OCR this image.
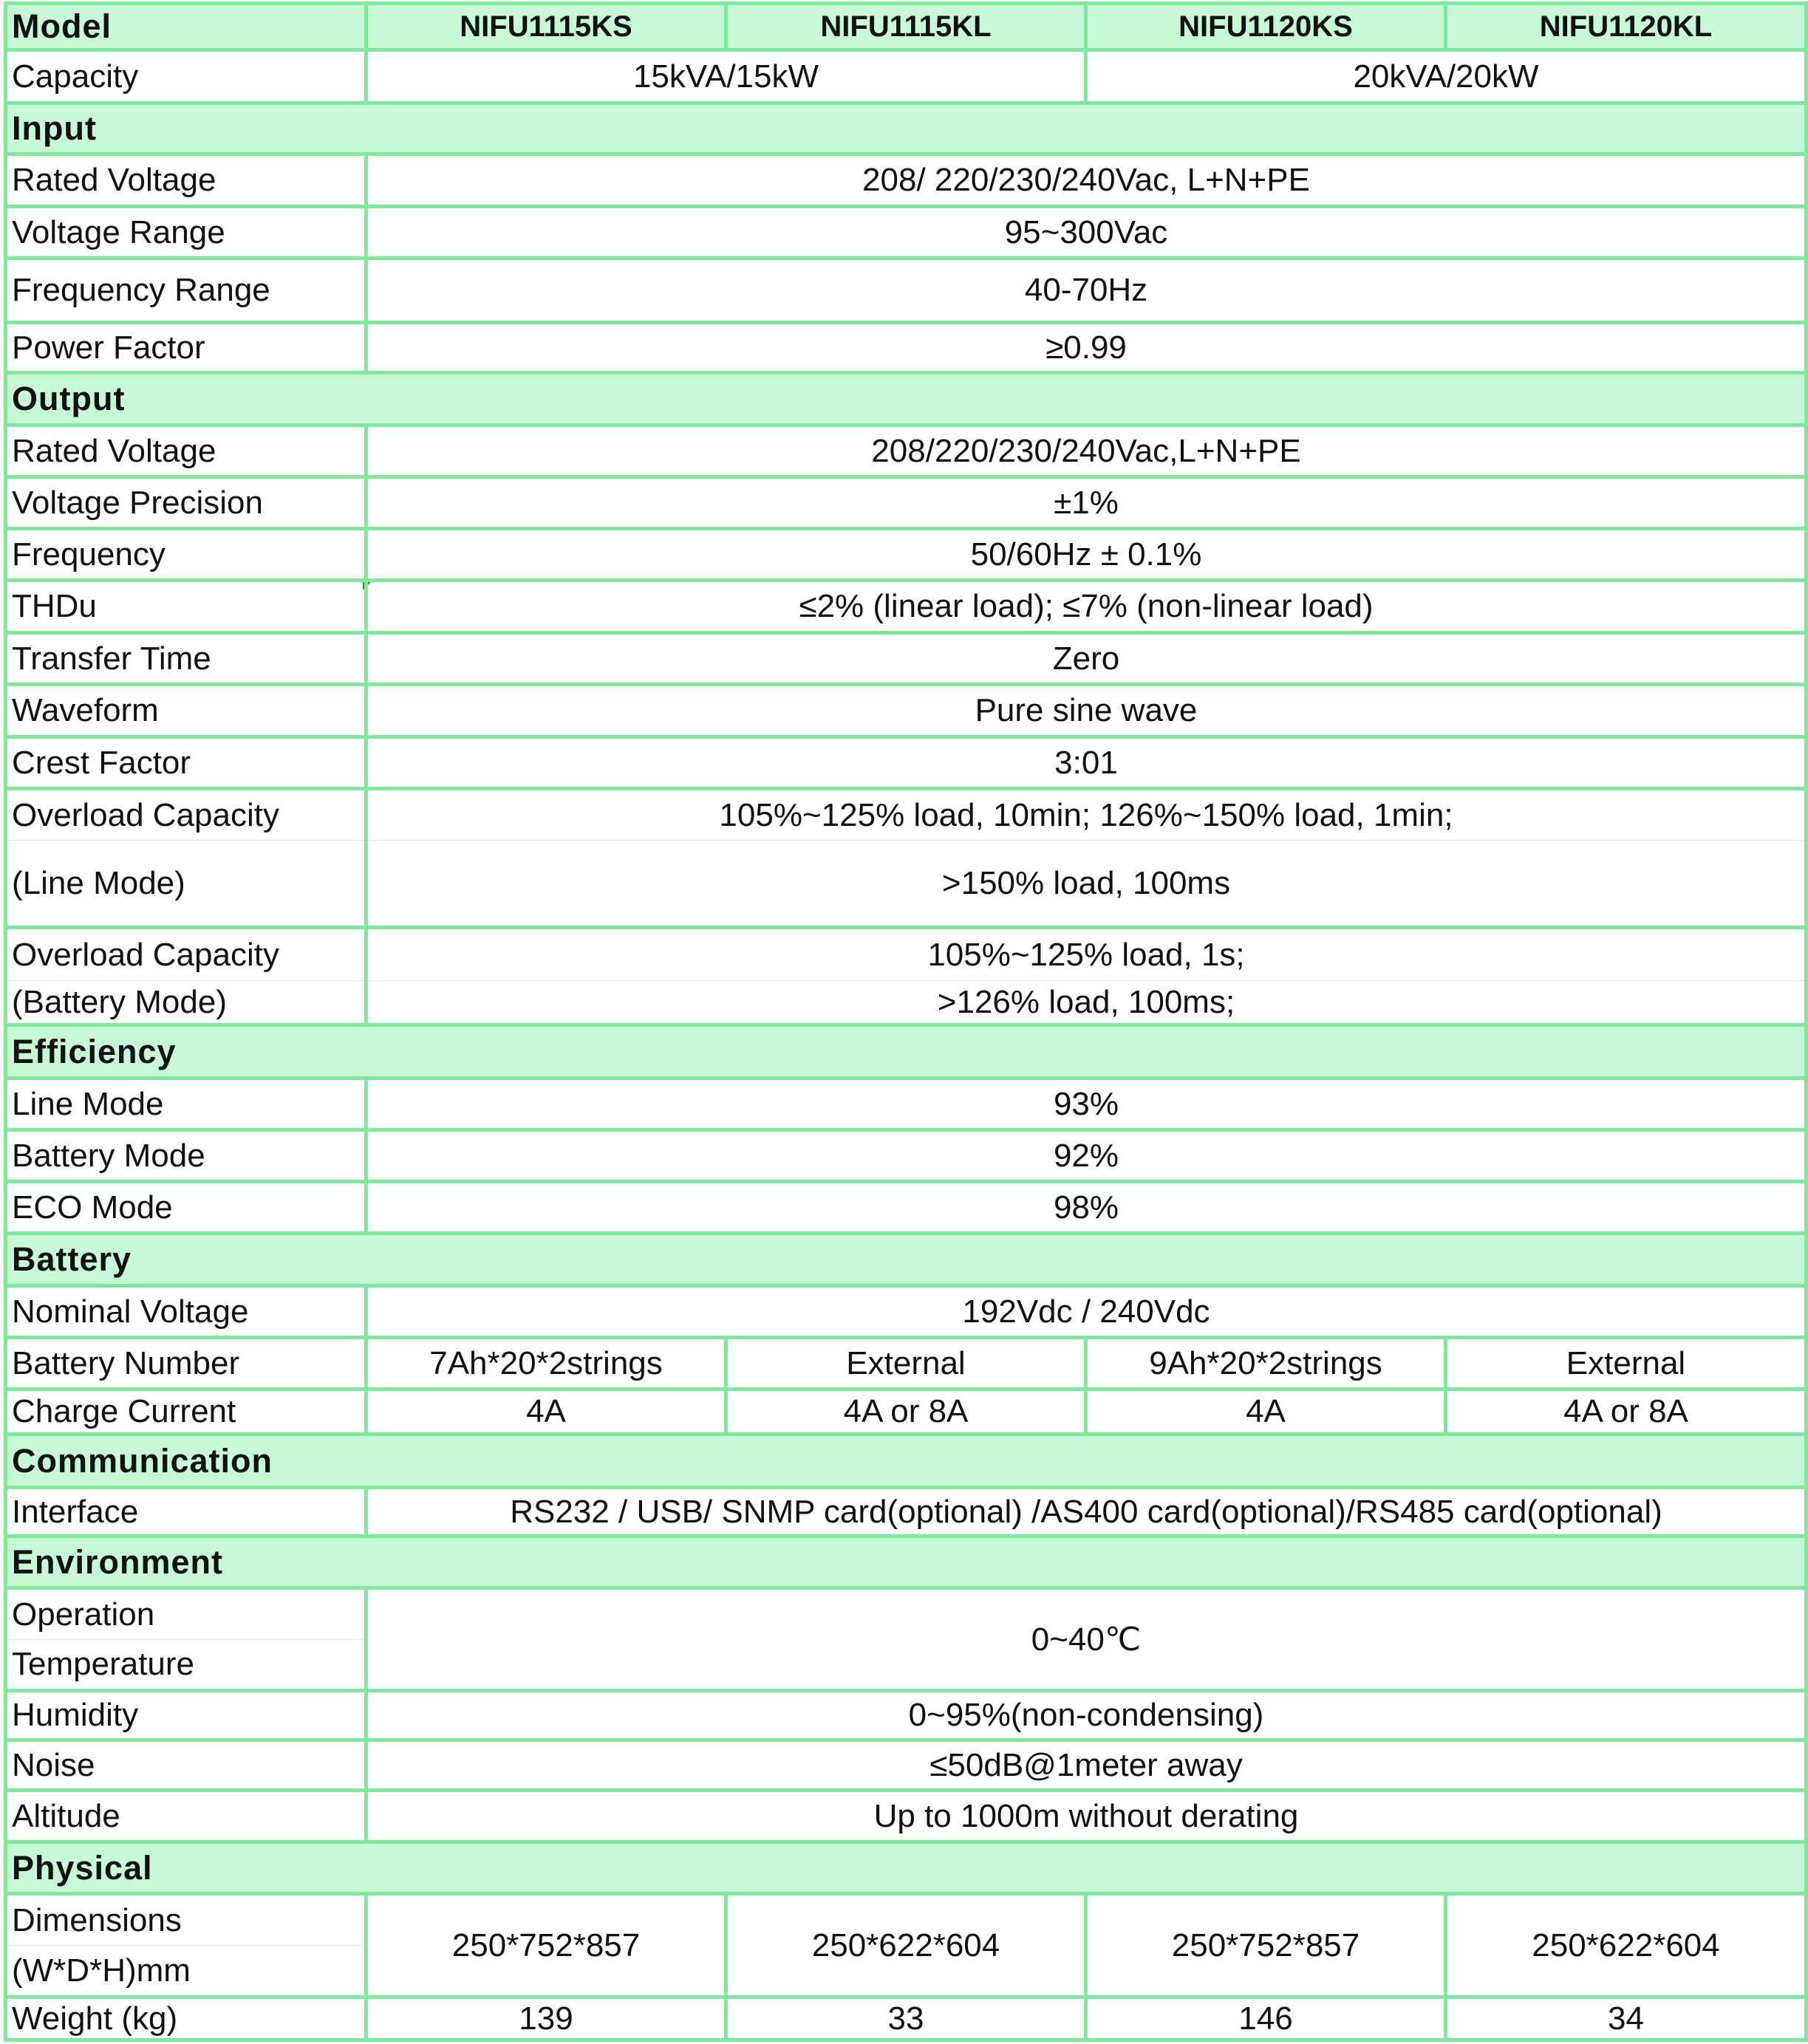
Model	NIFU1115KS	NIFU1115KL	NIFU1120KS	NIFU1120KL
Capacity	15kVA/15kW		20kVA/20kW	
Input				
Rated Voltage	208/ 220/230/240Vac, L+N+PE			
Voltage Range	95~300Vac			
Frequency Range	40-70Hz			
Power Factor	≥0.99			
Output				
Rated Voltage	208/220/230/240Vac,L+N+PE			
Voltage Precision	±1%			
Frequency	50/60Hz ± 0.1%			
THDu	≤2% (linear load); ≤7% (non-linear load)			
Transfer Time	Zero			
Waveform	Pure sine wave			
Crest Factor	3:01			
Overload Capacity	105%~125% load, 10min; 126%~150% load, 1min;			
(Line Mode)	>150% load, 100ms			
Overload Capacity	105%~125% load, 1s;			
(Battery Mode)	>126% load, 100ms;			
Efficiency				
Line Mode	93%			
Battery Mode	92%			
ECO Mode	98%			
Battery				
Nominal Voltage	192Vdc / 240Vdc			
Battery Number	7Ah*20*2strings	External	9Ah*20*2strings	External
Charge Current	4A	4A or 8A	4A	4A or 8A
Communication				
Interface	RS232 / USB/ SNMP card(optional) /AS400 card(optional)/RS485 card(optional)			
Environment				
Operation	0~40℃			
Temperature				
Humidity	0~95%(non-condensing)			
Noise	≤50dB@1meter away			
Altitude	Up to 1000m without derating			
Physical				
Dimensions	250*752*857	250*622*604	250*752*857	250*622*604
(W*D*H)mm				
Weight (kg)	139	33	146	34
